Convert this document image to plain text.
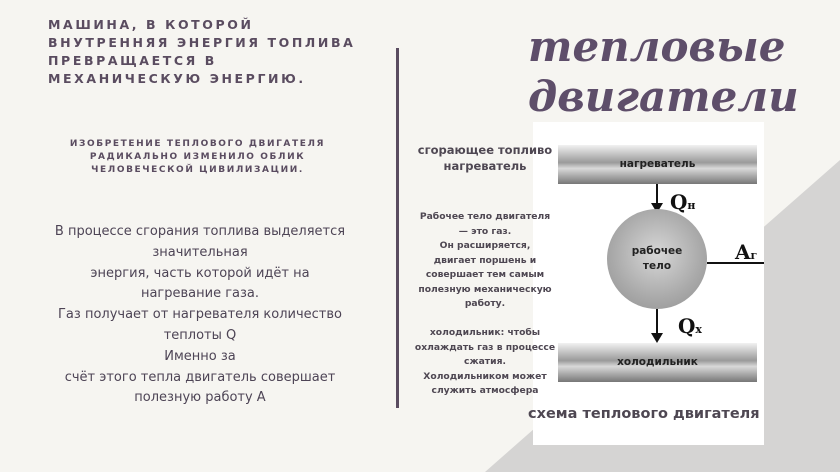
МАШИНА, В КОТОРОЙ ВНУТРЕННЯЯ ЭНЕРГИЯ ТОПЛИВА ПРЕВРАЩАЕТСЯ В МЕХАНИЧЕСКУЮ ЭНЕРГИЮ.
ИЗОБРЕТЕНИЕ ТЕПЛОВОГО ДВИГАТЕЛЯ РАДИКАЛЬНО ИЗМЕНИЛО ОБЛИК ЧЕЛОВЕЧЕСКОЙ ЦИВИЛИЗАЦИИ.
В процессе сгорания топлива выделяется
значительная
энергия, часть которой идёт на
нагревание газа.
Газ получает от нагревателя количество
теплоты Q
Именно за
счёт этого тепла двигатель совершает
полезную работу А
тепловые
двигатели
сгорающее топливо
нагреватель
Рабочее тело двигателя
— это газ.
Он расширяется,
двигает поршень и
совершает тем самым
полезную механическую
работу.
холодильник: чтобы
охлаждать газ в процессе
сжатия.
Холодильником может
служить атмосфера
нагреватель
Qн
рабочее
тело
Aг
Qх
холодильник
схема теплового двигателя
